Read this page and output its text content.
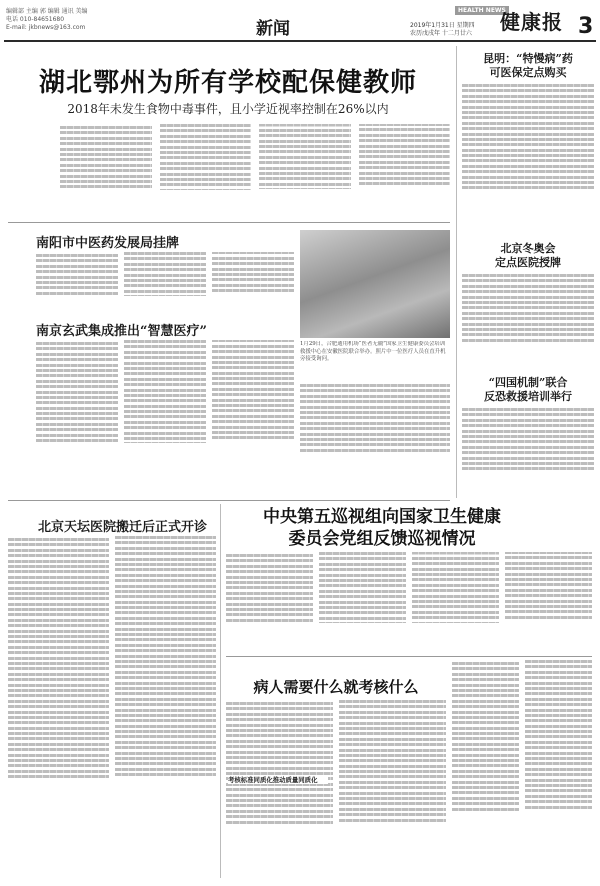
编辑部 主编 郭 编辑 通讯 美编
电话 010-84651680
E-mail: jkbnews@163.com	新闻
HEALTH NEWS
2019年1月31日 星期四
农历戊戌年 十二月廿六 健康报 3
湖北鄂州为所有学校配保健教师
2018年未发生食物中毒事件，且小学近视率控制在26%以内
南阳市中医药发展局挂牌
南京玄武集成推出“智慧医疗”
1月29日，合肥通用机场“医者无疆”国家卫生健康委员会培训救援中心在安徽医院联合举办。照片中一位医疗人员在直升机旁接受询问。
中央第五巡视组向国家卫生健康
委员会党组反馈巡视情况
北京天坛医院搬迁后正式开诊
病人需要什么就考核什么
考核标准同质化推动质量同质化
昆明：“特慢病”药
可医保定点购买
北京冬奥会
定点医院授牌
“四国机制”联合
反恐救援培训举行
